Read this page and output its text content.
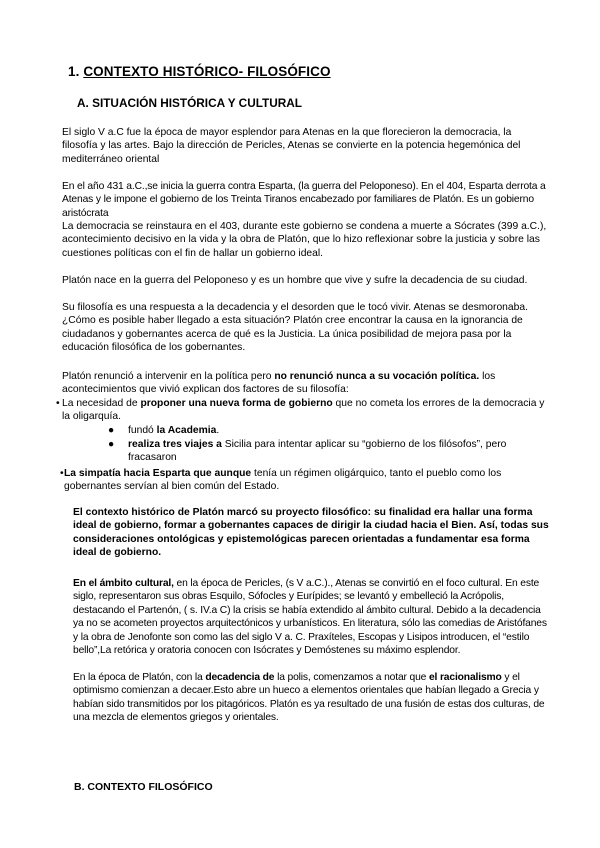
1. CONTEXTO HISTÓRICO- FILOSÓFICO
A. SITUACIÓN HISTÓRICA Y CULTURAL

El siglo V a.C fue la época de mayor esplendor para Atenas en la que florecieron la democracia, la filosofía y las artes. Bajo la dirección de Pericles, Atenas se convierte en la potencia hegemónica del mediterráneo oriental

En el año 431 a.C.,se inicia la guerra contra Esparta, (la guerra del Peloponeso). En el 404, Esparta derrota a Atenas y le impone el gobierno de los Treinta Tiranos encabezado por familiares de Platón. Es un gobierno aristócrata

La democracia se reinstaura en el 403, durante este gobierno se condena a muerte a Sócrates (399 a.C.), acontecimiento decisivo en la vida y la obra de Platón, que lo hizo reflexionar sobre la justicia y sobre las cuestiones políticas con el fin de hallar un gobierno ideal.

Platón nace en la guerra del Peloponeso y es un hombre que vive y sufre la decadencia de su ciudad.

Su filosofía es una respuesta a la decadencia y el desorden que le tocó vivir. Atenas se desmoronaba. ¿Cómo es posible haber llegado a esta situación? Platón cree encontrar la causa en la ignorancia de ciudadanos y gobernantes acerca de qué es la Justicia. La única posibilidad de mejora pasa por la educación filosófica de los gobernantes.

Platón renunció a intervenir en la política pero no renunció nunca a su vocación política. los acontecimientos que vivió explican dos factores de su filosofía:

• La necesidad de proponer una nueva forma de gobierno que no cometa los errores de la democracia y la oligarquía.
●	fundó la Academia.
●	realiza tres viajes a Sicilia para intentar aplicar su “gobierno de los filósofos”, pero fracasaron
• La simpatía hacia Esparta que aunque tenía un régimen oligárquico, tanto el pueblo como los gobernantes servían al bien común del Estado.

El contexto histórico de Platón marcó su proyecto filosófico: su finalidad era hallar una forma ideal de gobierno, formar a gobernantes capaces de dirigir la ciudad hacia el Bien. Así, todas sus consideraciones ontológicas y epistemológicas parecen orientadas a fundamentar esa forma ideal de gobierno.

En el ámbito cultural, en la época de Pericles, (s V a.C.)., Atenas se convirtió en el foco cultural. En este siglo, representaron sus obras Esquilo, Sófocles y Eurípides; se levantó y embelleció la Acrópolis, destacando el Partenón, ( s. IV.a C) la crisis se había extendido al ámbito cultural. Debido a la decadencia ya no se acometen proyectos arquitectónicos y urbanísticos. En literatura, sólo las comedias de Aristófanes y la obra de Jenofonte son como las del siglo V a. C. Praxíteles, Escopas y Lisipos introducen, el “estilo bello”,La retórica y oratoria conocen con Isócrates y Demóstenes su máximo esplendor.

En la época de Platón, con la decadencia de la polis, comenzamos a notar que el racionalismo y el optimismo comienzan a decaer.Esto abre un hueco a elementos orientales que habían llegado a Grecia y habían sido transmitidos por los pitagóricos. Platón es ya resultado de una fusión de estas dos culturas, de una mezcla de elementos griegos y orientales.

B. CONTEXTO FILOSÓFICO
